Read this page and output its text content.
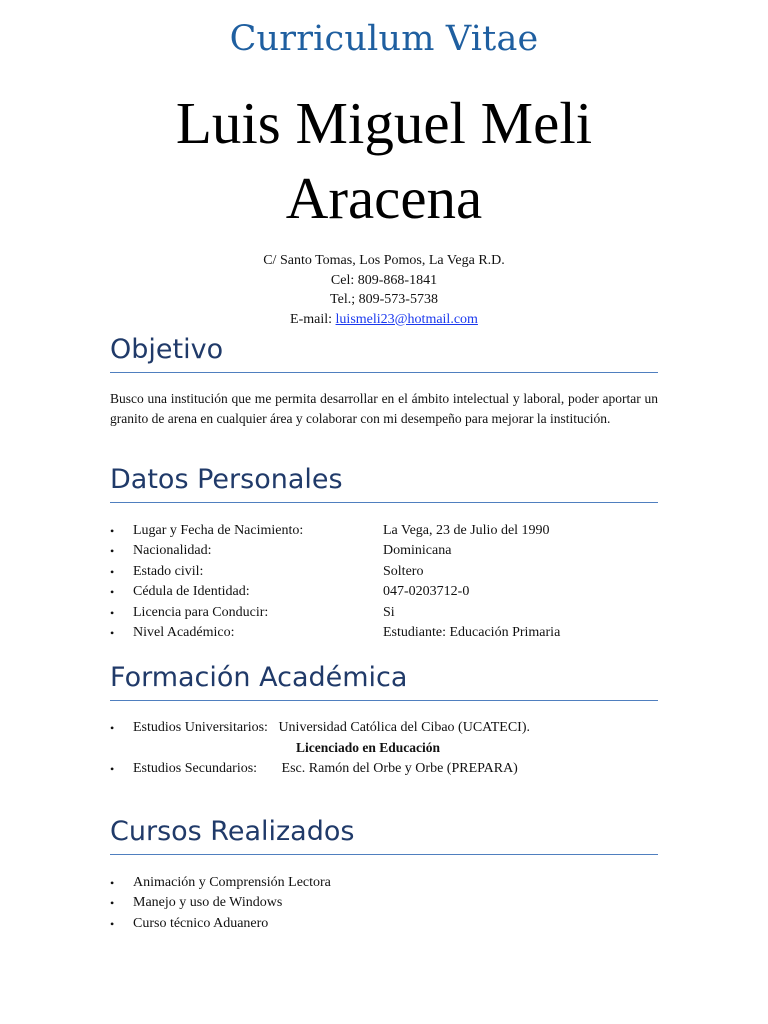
Curriculum Vitae
Luis Miguel Meli
Aracena
C/ Santo Tomas, Los Pomos, La Vega R.D.
Cel: 809-868-1841
Tel.; 809-573-5738
E-mail: luismeli23@hotmail.com
Objetivo
Busco una institución que me permita desarrollar en el ámbito intelectual y laboral, poder aportar un granito de arena en cualquier área y colaborar con mi desempeño para mejorar la institución.
Datos Personales
• Lugar y Fecha de Nacimiento:	La Vega, 23 de Julio del 1990
• Nacionalidad:	Dominicana
• Estado civil:	Soltero
• Cédula de Identidad:	047-0203712-0
• Licencia para Conducir:	Si
• Nivel Académico:	Estudiante: Educación Primaria
Formación Académica
• Estudios Universitarios: Universidad Católica del Cibao (UCATECI).
Licenciado en Educación
• Estudios Secundarios: Esc. Ramón del Orbe y Orbe (PREPARA)
Cursos Realizados
• Animación y Comprensión Lectora
• Manejo y uso de Windows
• Curso técnico Aduanero
